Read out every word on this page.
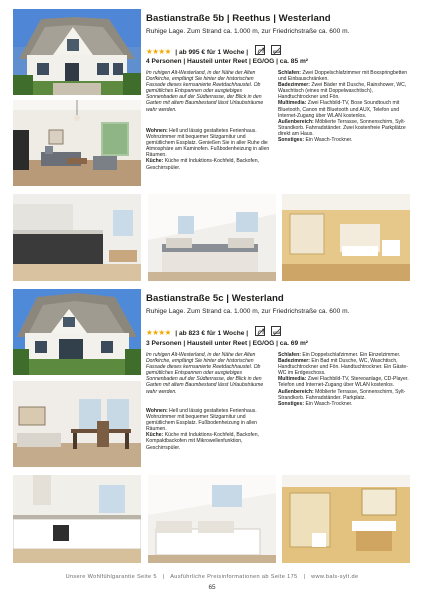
Bastianstraße 5b | Reethus | Westerland
Ruhige Lage. Zum Strand ca. 1.000 m, zur Friedrichstraße ca. 600 m.
★★★★ | ab 995 € für 1 Woche |

4 Personen | Hausteil unter Reet | EG/OG | ca. 85 m²
Im ruhigen Alt-Westerland, in der Nähe der Alten Dorfkirche, empfängt Sie hinter der historischen Fassade dieses kernsanierte Reetdachhaustel. Ob gemütliches Entspannen oder ausgiebiges Sonnenbaden auf der Südterrasse, der Blick in den Garten mit altem Baumbestand lässt Urlaubsträume wahr werden.
Wohnen: Hell und lässig gestaltetes Ferienhaus. Wohnzimmer mit bequemer Sitzgarnitur und gemütlichem Essplatz. Genießen Sie in aller Ruhe die Atmosphäre am Kaminofen. Fußbodenheizung in allen Räumen.
Küche: Küche mit Induktions-Kochfeld, Backofen, Geschirrspüler.
Schlafen: Zwei Doppelschlafzimmer mit Boxspringbetten und Einbauschränken.
Badezimmer: Zwei Bäder mit Dusche, Rainshower, WC, Waschtisch (eines mit Doppelwaschtisch), Handtuchtrockner und Fön.
Multimedia: Zwei Flachbild-TV, Bose Soundtouch mit Bluetooth, Canon mit Bluetooth und AUX, Telefon und Internet-Zugang über WLAN kostenlos.
Außenbereich: Möblierte Terrasse, Sonnenschirm, Sylt-Strandkorb. Fahrradständer. Zwei kostenfreie Parkplätze direkt am Haus.
Sonstiges: Ein Wasch-Trockner.
Bastianstraße 5c | Westerland
Ruhige Lage. Zum Strand ca. 1.000 m, zur Friedrichstraße ca. 600 m.
★★★★ | ab 823 € für 1 Woche |

3 Personen | Hausteil unter Reet | EG/OG | ca. 69 m²
Im ruhigen Alt-Westerland, in der Nähe der Alten Dorfkirche, empfängt Sie hinter der historischen Fassade dieses kernsanierte Reetdachhaustel. Ob gemütliches Entspannen oder ausgiebiges Sonnenbaden auf der Südterrasse, der Blick in den Garten mit altem Baumbestand lässt Urlaubsträume wahr werden.
Wohnen: Hell und lässig gestaltetes Ferienhaus. Wohnzimmer mit bequemer Sitzgarnitur und gemütlichem Essplatz. Fußbodenheizung in allen Räumen.
Küche: Küche mit Induktions-Kochfeld, Backofen, Kompaktbackofen mit Mikrowellenfunktion, Geschirrspüler.
Schlafen: Ein Doppelschlafzimmer. Ein Einzelzimmer.
Badezimmer: Ein Bad mit Dusche, WC, Waschtisch, Handtuchtrockner und Fön. Handtuchtrockner. Ein Gäste-WC im Erdgeschoss.
Multimedia: Zwei Flachbild-TV, Stereoanlage, CD-Player. Telefon und Internet-Zugang über WLAN kostenlos.
Außenbereich: Möblierte Terrasse, Sonnenschirm, Sylt-Strandkorb. Fahrradständer. Parkplatz.
Sonstiges: Ein Wasch-Trockner.
Unsere Wohlfühlgarantie Seite 5 | Ausführliche Preisinformationen ab Seite 175 | www.bals-sylt.de
65
